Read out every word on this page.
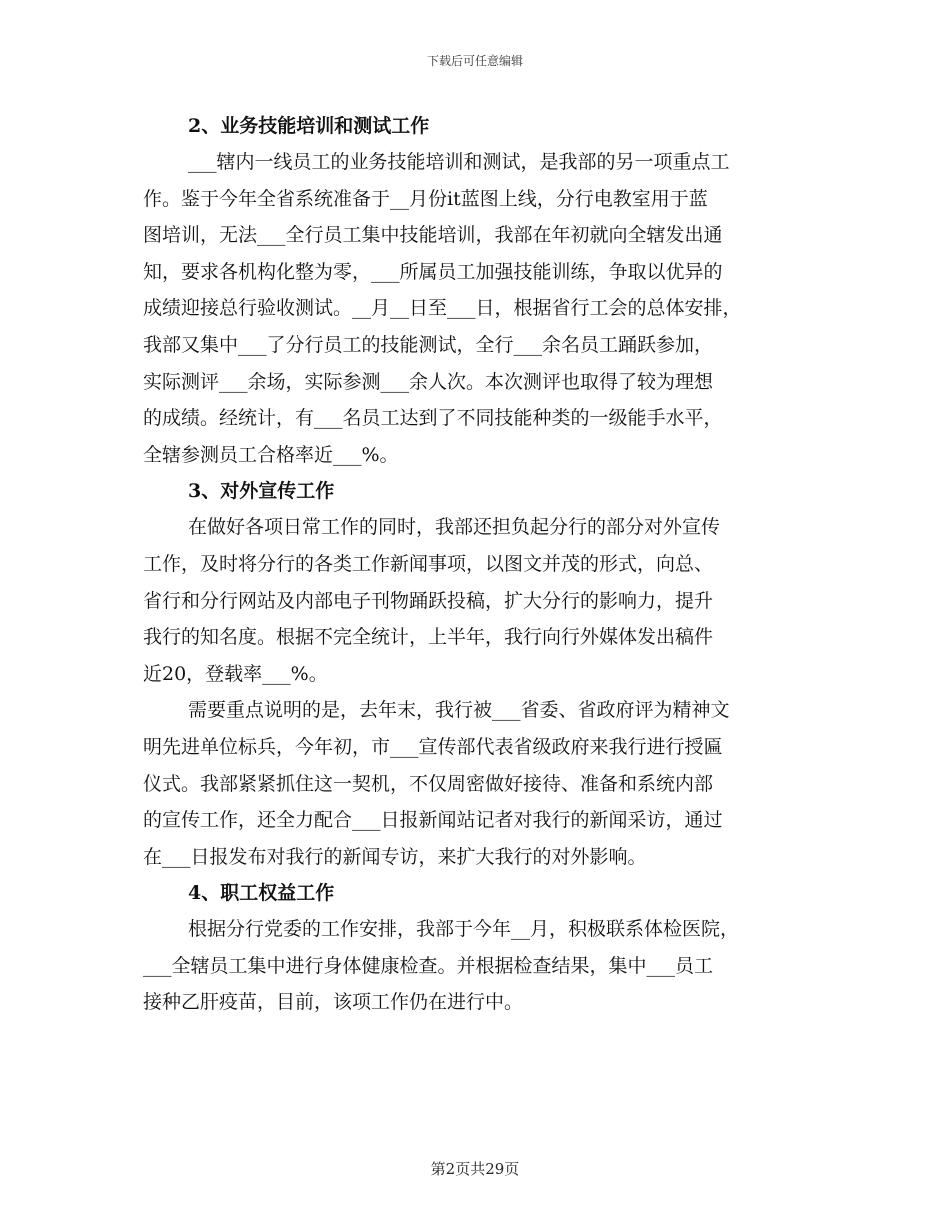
下载后可任意编辑
2、业务技能培训和测试工作

___辖内一线员工的业务技能培训和测试，是我部的另一项重点工
作。鉴于今年全省系统准备于__月份it蓝图上线，分行电教室用于蓝
图培训，无法___全行员工集中技能培训，我部在年初就向全辖发出通
知，要求各机构化整为零，___所属员工加强技能训练，争取以优异的
成绩迎接总行验收测试。__月__日至___日，根据省行工会的总体安排，
我部又集中___了分行员工的技能测试，全行___余名员工踊跃参加，
实际测评___余场，实际参测___余人次。本次测评也取得了较为理想
的成绩。经统计，有___名员工达到了不同技能种类的一级能手水平，
全辖参测员工合格率近___%。

3、对外宣传工作

在做好各项日常工作的同时，我部还担负起分行的部分对外宣传
工作，及时将分行的各类工作新闻事项，以图文并茂的形式，向总、
省行和分行网站及内部电子刊物踊跃投稿，扩大分行的影响力，提升
我行的知名度。根据不完全统计，上半年，我行向行外媒体发出稿件
近20，登载率___%。

需要重点说明的是，去年末，我行被___省委、省政府评为精神文
明先进单位标兵，今年初，市___宣传部代表省级政府来我行进行授匾
仪式。我部紧紧抓住这一契机，不仅周密做好接待、准备和系统内部
的宣传工作，还全力配合___日报新闻站记者对我行的新闻采访，通过
在___日报发布对我行的新闻专访，来扩大我行的对外影响。

4、职工权益工作

根据分行党委的工作安排，我部于今年__月，积极联系体检医院，
___全辖员工集中进行身体健康检查。并根据检查结果，集中___员工
接种乙肝疫苗，目前，该项工作仍在进行中。

第2页共29页
